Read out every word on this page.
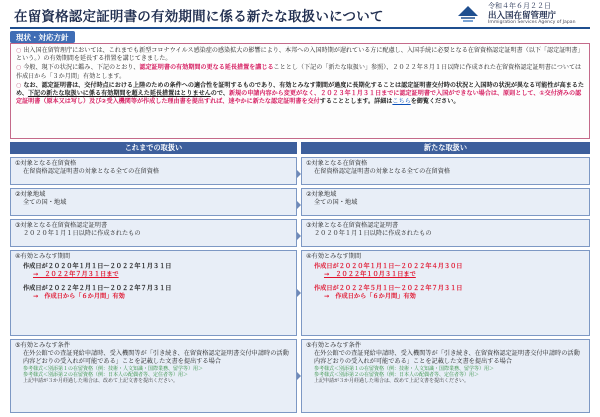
在留資格認定証明書の有効期間に係る新たな取扱いについて
令和４年６月２２日
出入国在留管理庁
Immigration Services Agency of Japan
現状・対応方針
○ 出入国在留管理庁においては、これまでも新型コロナウイルス感染症の感染拡大の影響により、本邦への入国時期が遅れている方に配慮し、入国手続に必要となる在留資格認定証明書（以下「認定証明書」という。）の有効期間を延長する措置を講じてきました。
○ 今般、現下の状況に鑑み、下記のとおり、認定証明書の有効期間の更なる延長措置を講じることとし（下記の「新たな取扱い」参照）、２０２２年８月１日以降に作成された在留資格認定証明書については作成日から「３か月間」有効とします。
○ なお、認定証明書は、交付時点における上陸のための条件への適合性を証明するものであり、有効とみなす期間が過度に長期化することは認定証明書交付時の状況と入国時の状況が異なる可能性が高まるため、下記の新たな取扱いに係る有効期間を超えた延長措置はとりませんので、新規の申請内容から変更がなく、２０２３年１月３１日までに認定証明書で入国ができない場合は、原則として、①交付済みの認定証明書（原本又は写し）及び②受入機関等が作成した理由書を提出すれば、速やかに新たな認定証明書を交付することとします。詳細はこちらを御覧ください。
これまでの取扱い	新たな取扱い
①対象となる在留資格
在留資格認定証明書の対象となる全ての在留資格
①対象となる在留資格
在留資格認定証明書の対象となる全ての在留資格
②対象地域
全ての国・地域
②対象地域
全ての国・地域
③対象となる在留資格認定証明書
２０２０年１月１日以降に作成されたもの
③対象となる在留資格認定証明書
２０２０年１月１日以降に作成されたもの
④有効とみなす期間
作成日が２０２０年１月１日〜２０２２年１月３１日
→　２０２２年７月３１日まで
作成日が２０２２年２月１日〜２０２２年７月３１日
→　作成日から「６か月間」有効
④有効とみなす期間
作成日が２０２０年１月１日〜２０２２年４月３０日
→　２０２２年１０月３１日まで
作成日が２０２２年５月１日〜２０２２年７月３１日
→　作成日から「６か月間」有効
⑤有効とみなす条件
在外公館での査証発給申請時、受入機関等が「引き続き、在留資格認定証明書交付申請時の活動内容どおりの受入れが可能である」ことを記載した文書を提出する場合
参考様式＜別添第１の在留資格（例：技術・人文知識・国際業務、留学等）用＞
参考様式＜別添第２の在留資格（例：日本人の配偶者等、定住者等）用＞
上記申請が３か月経過した場合は、改めて上記文書を提出ください。
⑤有効とみなす条件
在外公館での査証発給申請時、受入機関等が「引き続き、在留資格認定証明書交付申請時の活動内容どおりの受入れが可能である」ことを記載した文書を提出する場合
参考様式＜別添第１の在留資格（例：技術・人文知識・国際業務、留学等）用＞
参考様式＜別添第２の在留資格（例：日本人の配偶者等、定住者等）用＞
上記申請が３か月経過した場合は、改めて上記文書を提出ください。
